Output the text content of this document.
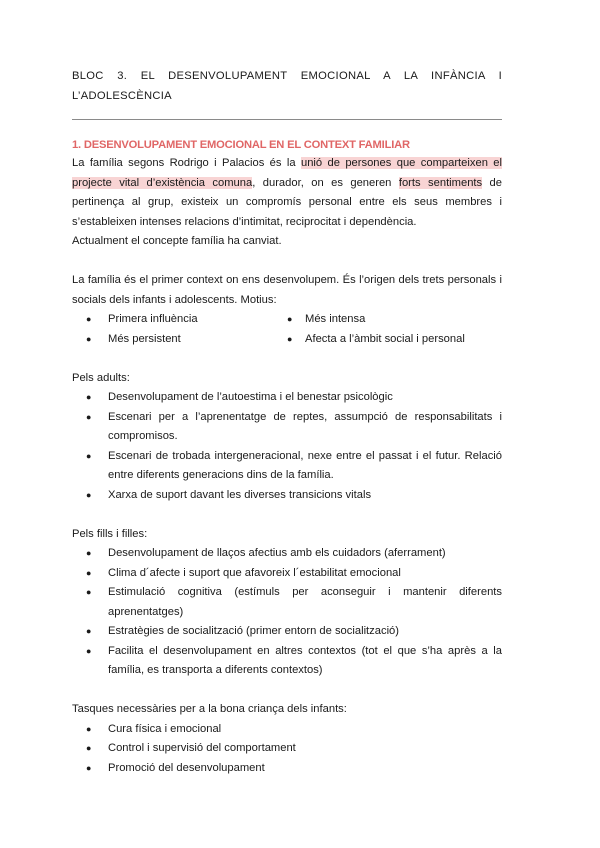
BLOC 3. EL DESENVOLUPAMENT EMOCIONAL A LA INFÀNCIA I

L’ADOLESCÈNCIA

1. DESENVOLUPAMENT EMOCIONAL EN EL CONTEXT FAMILIAR

La família segons Rodrigo i Palacios és la unió de persones que comparteixen el projecte vital d’existència comuna, durador, on es generen forts sentiments de pertinença al grup, existeix un compromís personal entre els seus membres i s’estableixen intenses relacions d’intimitat, reciprocitat i dependència.

Actualment el concepte família ha canviat.

La família és el primer context on ens desenvolupem. És l’origen dels trets personals i socials dels infants i adolescents. Motius:

● Primera influència
● Més persistent
● Més intensa
● Afecta a l’àmbit social i personal

Pels adults:

● Desenvolupament de l’autoestima i el benestar psicològic
● Escenari per a l’aprenentatge de reptes, assumpció de responsabilitats i compromisos.
● Escenari de trobada intergeneracional, nexe entre el passat i el futur. Relació entre diferents generacions dins de la família.
● Xarxa de suport davant les diverses transicions vitals

Pels fills i filles:

● Desenvolupament de llaços afectius amb els cuidadors (aferrament)
● Clima d´afecte i suport que afavoreix l´estabilitat emocional
● Estimulació cognitiva (estímuls per aconseguir i mantenir diferents aprenentatges)
● Estratègies de socialització (primer entorn de socialització)
● Facilita el desenvolupament en altres contextos (tot el que s’ha après a la família, es transporta a diferents contextos)

Tasques necessàries per a la bona criança dels infants:

● Cura física i emocional
● Control i supervisió del comportament
● Promoció del desenvolupament
